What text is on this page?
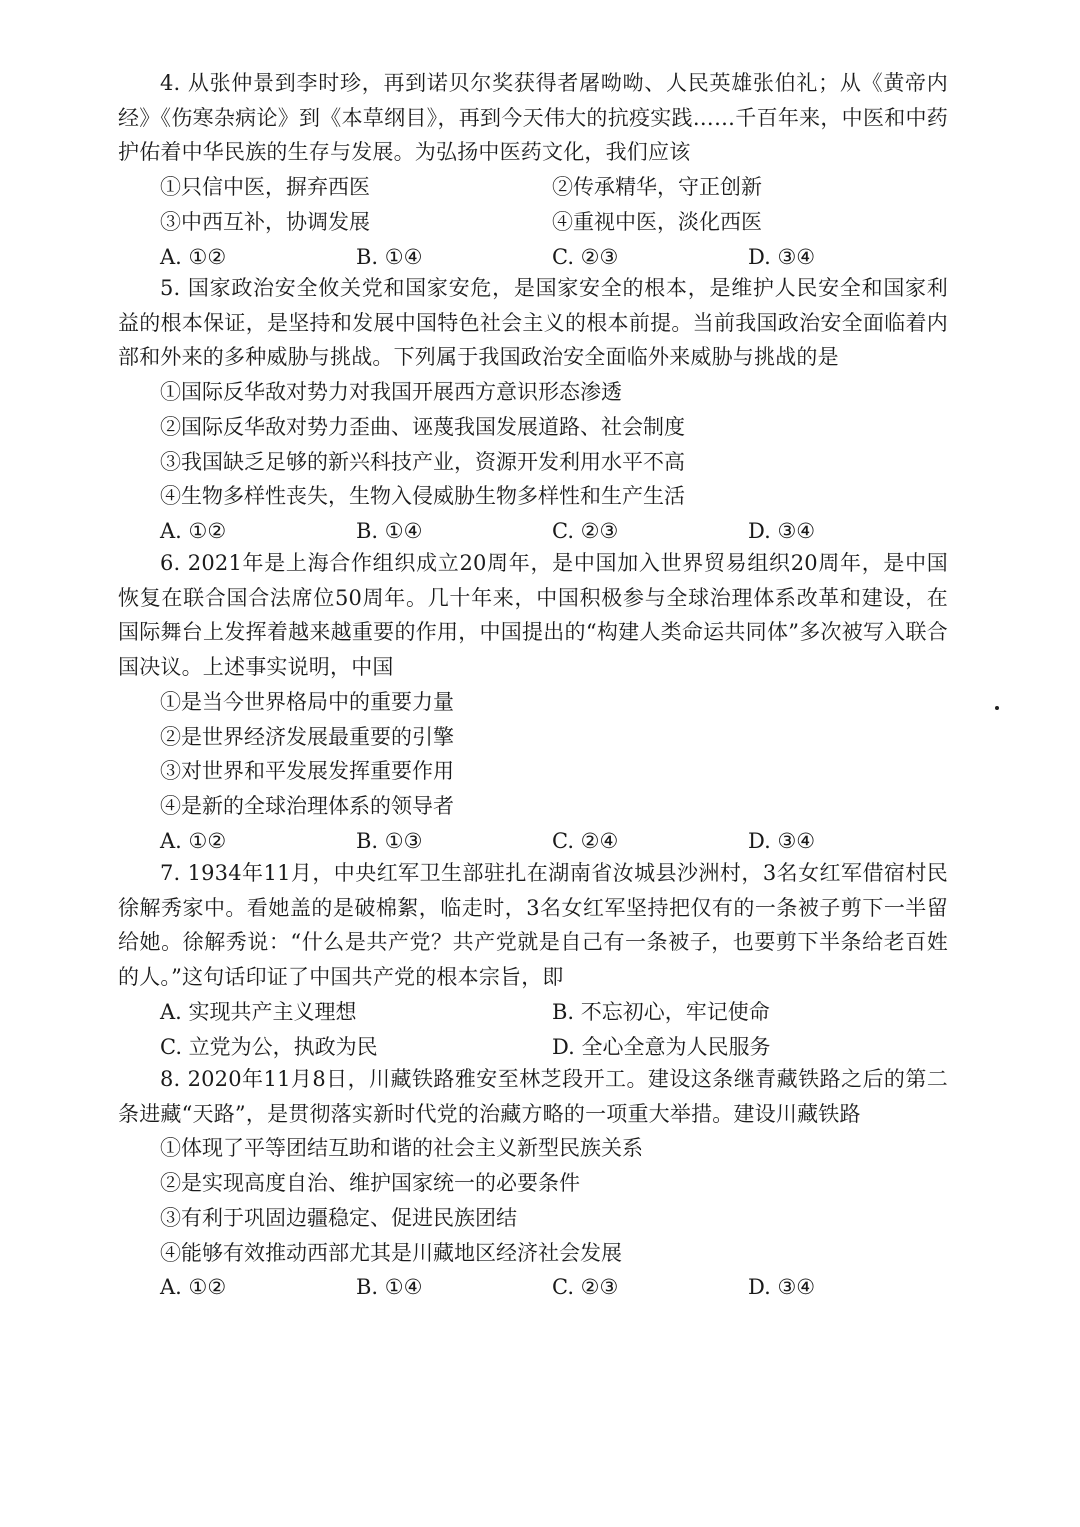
4. 从张仲景到李时珍，再到诺贝尔奖获得者屠呦呦、人民英雄张伯礼；从《黄帝内经》《伤寒杂病论》到《本草纲目》，再到今天伟大的抗疫实践……千百年来，中医和中药护佑着中华民族的生存与发展。为弘扬中医药文化，我们应该

①只信中医，摒弃西医	②传承精华，守正创新
③中西互补，协调发展	④重视中医，淡化西医
A. ①②	B. ①④	C. ②③	D. ③④

5. 国家政治安全攸关党和国家安危，是国家安全的根本，是维护人民安全和国家利益的根本保证，是坚持和发展中国特色社会主义的根本前提。当前我国政治安全面临着内部和外来的多种威胁与挑战。下列属于我国政治安全面临外来威胁与挑战的是

①国际反华敌对势力对我国开展西方意识形态渗透

②国际反华敌对势力歪曲、诬蔑我国发展道路、社会制度

③我国缺乏足够的新兴科技产业，资源开发利用水平不高

④生物多样性丧失，生物入侵威胁生物多样性和生产生活

A. ①②	B. ①④	C. ②③	D. ③④

6. 2021年是上海合作组织成立20周年，是中国加入世界贸易组织20周年，是中国恢复在联合国合法席位50周年。几十年来，中国积极参与全球治理体系改革和建设，在国际舞台上发挥着越来越重要的作用，中国提出的“构建人类命运共同体”多次被写入联合国决议。上述事实说明，中国

①是当今世界格局中的重要力量

②是世界经济发展最重要的引擎

③对世界和平发展发挥重要作用

④是新的全球治理体系的领导者

A. ①②	B. ①③	C. ②④	D. ③④

7. 1934年11月，中央红军卫生部驻扎在湖南省汝城县沙洲村，3名女红军借宿村民徐解秀家中。看她盖的是破棉絮，临走时，3名女红军坚持把仅有的一条被子剪下一半留给她。徐解秀说：“什么是共产党？共产党就是自己有一条被子，也要剪下半条给老百姓的人。”这句话印证了中国共产党的根本宗旨，即

A. 实现共产主义理想	B. 不忘初心，牢记使命
C. 立党为公，执政为民	D. 全心全意为人民服务

8. 2020年11月8日，川藏铁路雅安至林芝段开工。建设这条继青藏铁路之后的第二条进藏“天路”，是贯彻落实新时代党的治藏方略的一项重大举措。建设川藏铁路

①体现了平等团结互助和谐的社会主义新型民族关系

②是实现高度自治、维护国家统一的必要条件

③有利于巩固边疆稳定、促进民族团结

④能够有效推动西部尤其是川藏地区经济社会发展

A. ①②	B. ①④	C. ②③	D. ③④
